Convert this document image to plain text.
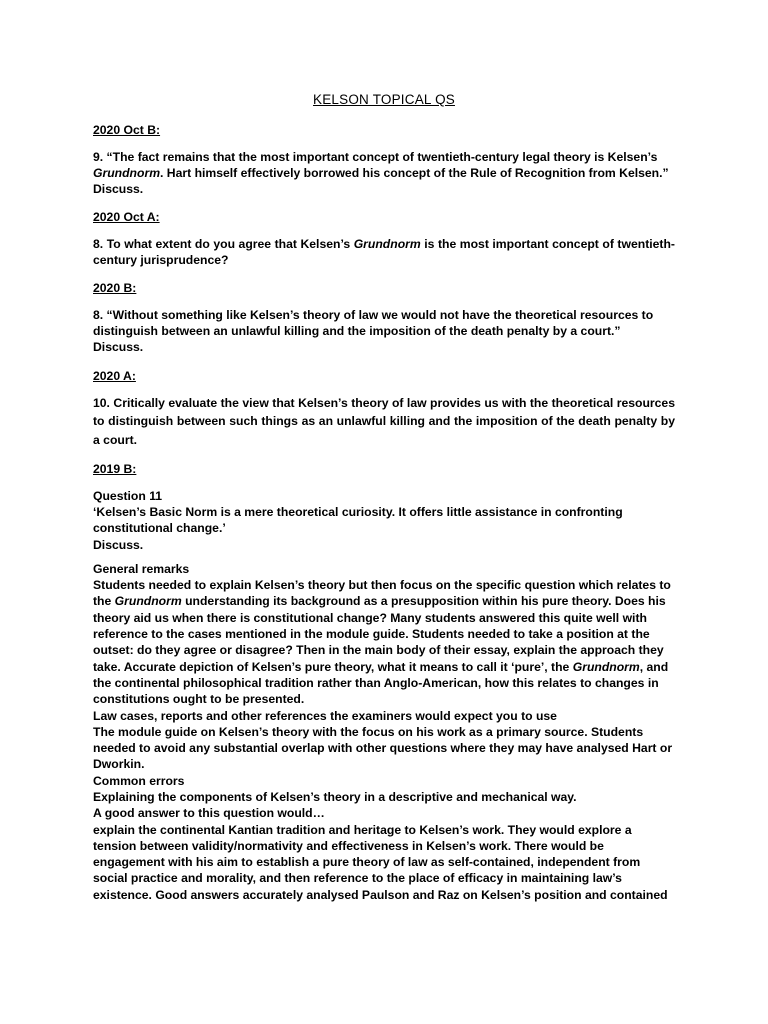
KELSON TOPICAL QS
2020 Oct B:
9. “The fact remains that the most important concept of twentieth-century legal theory is Kelsen’s Grundnorm. Hart himself effectively borrowed his concept of the Rule of Recognition from Kelsen.” Discuss.
2020 Oct A:
8. To what extent do you agree that Kelsen’s Grundnorm is the most important concept of twentieth-century jurisprudence?
2020 B:
8. “Without something like Kelsen’s theory of law we would not have the theoretical resources to
distinguish between an unlawful killing and the imposition of the death penalty by a court.”
Discuss.
2020 A:
10. Critically evaluate the view that Kelsen’s theory of law provides us with the theoretical resources to distinguish between such things as an unlawful killing and the imposition of the death penalty by a court.
2019 B:
Question 11
‘Kelsen’s Basic Norm is a mere theoretical curiosity. It offers little assistance in confronting
constitutional change.’
Discuss.
General remarks
Students needed to explain Kelsen’s theory but then focus on the specific question which relates to
the Grundnorm understanding its background as a presupposition within his pure theory. Does his
theory aid us when there is constitutional change? Many students answered this quite well with
reference to the cases mentioned in the module guide. Students needed to take a position at the
outset: do they agree or disagree? Then in the main body of their essay, explain the approach they
take. Accurate depiction of Kelsen’s pure theory, what it means to call it ‘pure’, the Grundnorm, and
the continental philosophical tradition rather than Anglo-American, how this relates to changes in
constitutions ought to be presented.
Law cases, reports and other references the examiners would expect you to use
The module guide on Kelsen’s theory with the focus on his work as a primary source. Students
needed to avoid any substantial overlap with other questions where they may have analysed Hart or
Dworkin.
Common errors
Explaining the components of Kelsen’s theory in a descriptive and mechanical way.
A good answer to this question would…
explain the continental Kantian tradition and heritage to Kelsen’s work. They would explore a
tension between validity/normativity and effectiveness in Kelsen’s work. There would be
engagement with his aim to establish a pure theory of law as self-contained, independent from
social practice and morality, and then reference to the place of efficacy in maintaining law’s
existence. Good answers accurately analysed Paulson and Raz on Kelsen’s position and contained
